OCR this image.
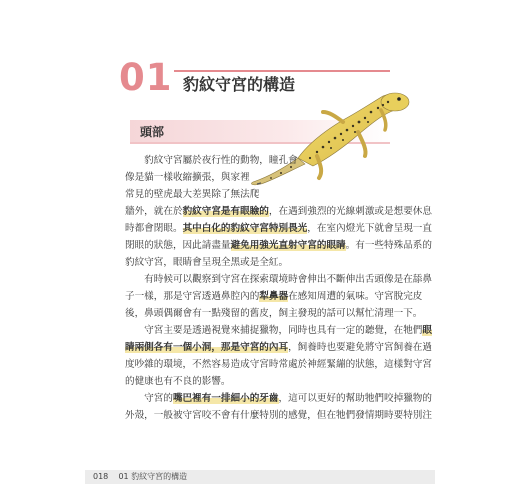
01 豹紋守宮的構造
頭部
　　豹紋守宮屬於夜行性的動物，瞳孔會
像是貓一樣收縮擴張，與家裡
常見的壁虎最大差異除了無法爬
牆外，就在於豹紋守宮是有眼瞼的，在遇到強烈的光線刺激或是想要休息
時都會閉眼。其中白化的豹紋守宮特別畏光，在室內燈光下就會呈現一直
閉眼的狀態，因此請盡量避免用強光直射守宮的眼睛。有一些特殊品系的
豹紋守宮，眼睛會呈現全黑或是全紅。
　　有時候可以觀察到守宮在探索環境時會伸出不斷伸出舌頭像是在舔鼻
子一樣，那是守宮透過鼻腔內的犁鼻器在感知周遭的氣味。守宮脫完皮
後，鼻頭偶爾會有一點殘留的舊皮，飼主發現的話可以幫忙清理一下。
　　守宮主要是透過視覺來捕捉獵物，同時也具有一定的聽覺，在牠們眼
睛兩側各有一個小洞，那是守宮的內耳，飼養時也要避免將守宮飼養在過
度吵雜的環境，不然容易造成守宮時常處於神經緊繃的狀態，這樣對守宮
的健康也有不良的影響。
　　守宮的嘴巴裡有一排細小的牙齒，這可以更好的幫助牠們咬掉獵物的
外殼，一般被守宮咬不會有什麼特別的感覺，但在牠們發情期時要特別注
018 01 豹紋守宮的構造
